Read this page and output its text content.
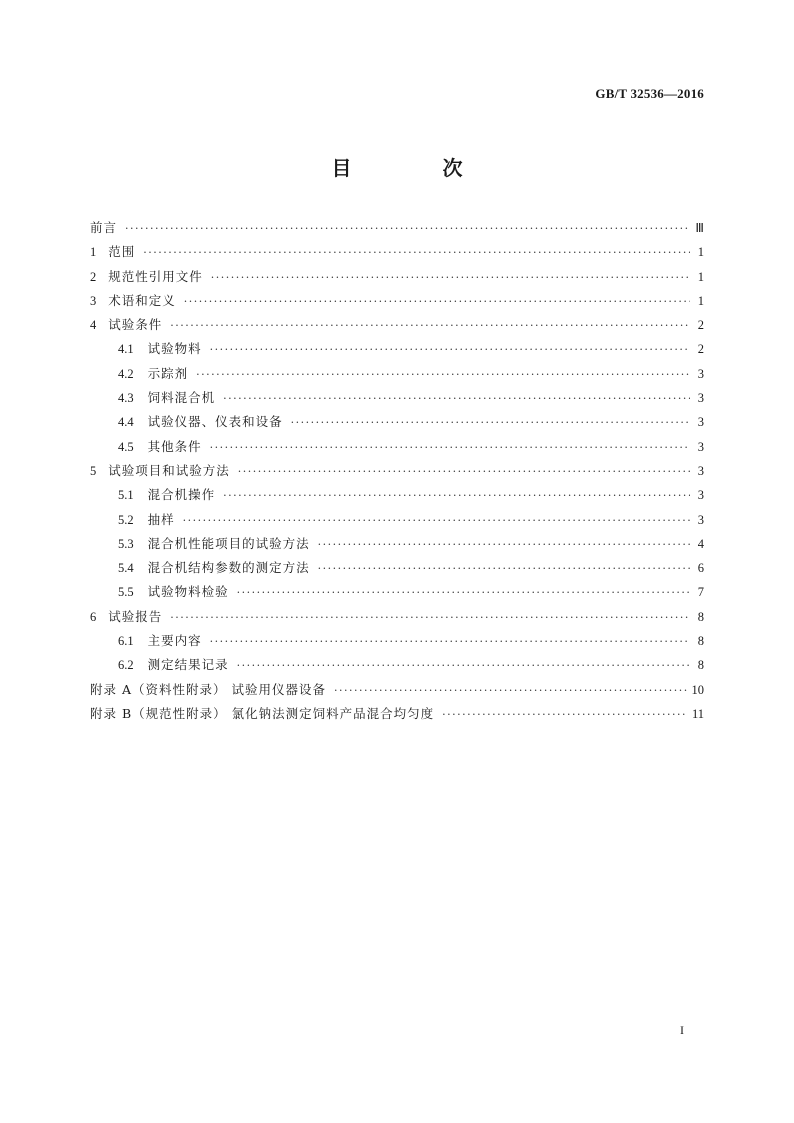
GB/T 32536—2016
目 次
前言 ·····	Ⅲ
1 范围 ·····	1
2 规范性引用文件 ·····	1
3 术语和定义 ·····	1
4 试验条件 ·····	2
4.1 试验物料 ·····	2
4.2 示踪剂 ·····	3
4.3 饲料混合机 ·····	3
4.4 试验仪器、仪表和设备 ·····	3
4.5 其他条件 ·····	3
5 试验项目和试验方法 ·····	3
5.1 混合机操作 ·····	3
5.2 抽样 ·····	3
5.3 混合机性能项目的试验方法 ·····	4
5.4 混合机结构参数的测定方法 ·····	6
5.5 试验物料检验 ·····	7
6 试验报告 ·····	8
6.1 主要内容 ·····	8
6.2 测定结果记录 ·····	8
附录 A（资料性附录） 试验用仪器设备 ·····	10
附录 B（规范性附录） 氯化钠法测定饲料产品混合均匀度 ·····	11
I
